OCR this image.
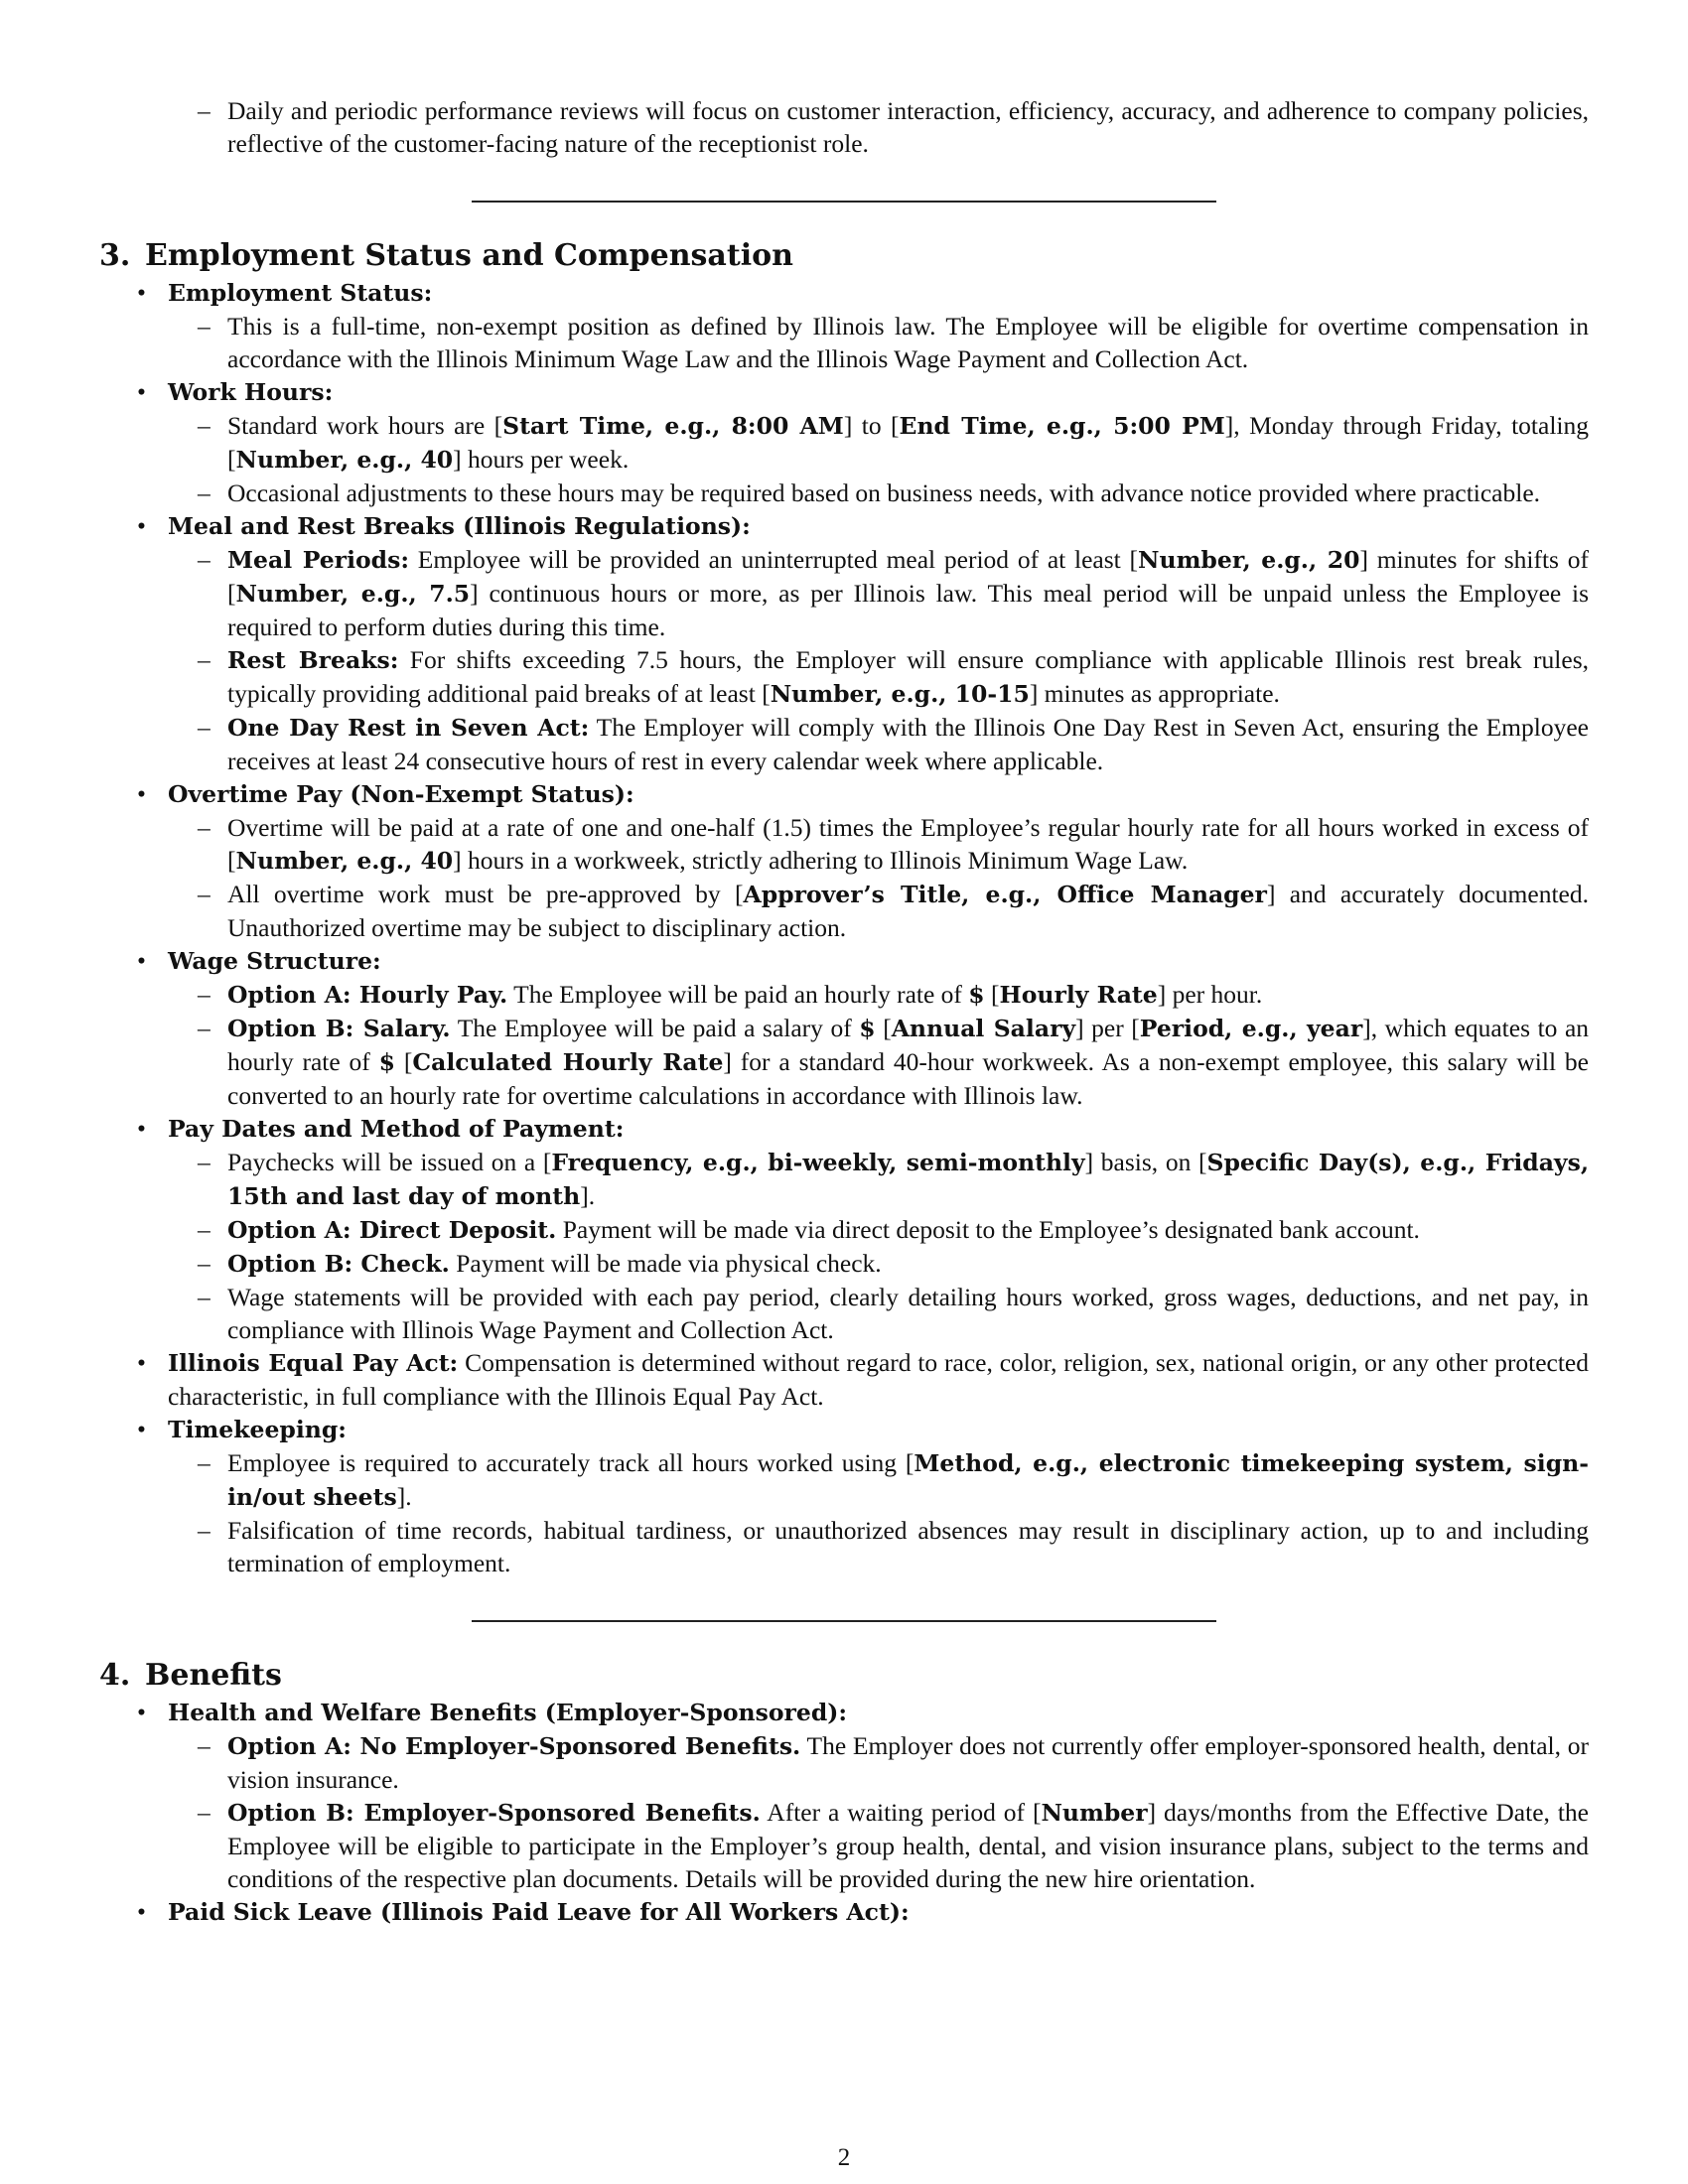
– Daily and periodic performance reviews will focus on customer interaction, efficiency, accuracy, and adherence to company policies, reflective of the customer-facing nature of the receptionist role.
3. Employment Status and Compensation
• Employment Status:
– This is a full-time, non-exempt position as defined by Illinois law. The Employee will be eligible for overtime compensation in accordance with the Illinois Minimum Wage Law and the Illinois Wage Payment and Collection Act.
• Work Hours:
– Standard work hours are [Start Time, e.g., 8:00 AM] to [End Time, e.g., 5:00 PM], Monday through Friday, totaling [Number, e.g., 40] hours per week.
– Occasional adjustments to these hours may be required based on business needs, with advance notice provided where practicable.
• Meal and Rest Breaks (Illinois Regulations):
– Meal Periods: Employee will be provided an uninterrupted meal period of at least [Number, e.g., 20] minutes for shifts of [Number, e.g., 7.5] continuous hours or more, as per Illinois law. This meal period will be unpaid unless the Employee is required to perform duties during this time.
– Rest Breaks: For shifts exceeding 7.5 hours, the Employer will ensure compliance with applicable Illinois rest break rules, typically providing additional paid breaks of at least [Number, e.g., 10-15] minutes as appropriate.
– One Day Rest in Seven Act: The Employer will comply with the Illinois One Day Rest in Seven Act, ensuring the Employee receives at least 24 consecutive hours of rest in every calendar week where applicable.
• Overtime Pay (Non-Exempt Status):
– Overtime will be paid at a rate of one and one-half (1.5) times the Employee’s regular hourly rate for all hours worked in excess of [Number, e.g., 40] hours in a workweek, strictly adhering to Illinois Minimum Wage Law.
– All overtime work must be pre-approved by [Approver’s Title, e.g., Office Manager] and accurately documented. Unauthorized overtime may be subject to disciplinary action.
• Wage Structure:
– Option A: Hourly Pay. The Employee will be paid an hourly rate of $ [Hourly Rate] per hour.
– Option B: Salary. The Employee will be paid a salary of $ [Annual Salary] per [Period, e.g., year], which equates to an hourly rate of $ [Calculated Hourly Rate] for a standard 40-hour workweek. As a non-exempt employee, this salary will be converted to an hourly rate for overtime calculations in accordance with Illinois law.
• Pay Dates and Method of Payment:
– Paychecks will be issued on a [Frequency, e.g., bi-weekly, semi-monthly] basis, on [Specific Day(s), e.g., Fridays, 15th and last day of month].
– Option A: Direct Deposit. Payment will be made via direct deposit to the Employee’s designated bank account.
– Option B: Check. Payment will be made via physical check.
– Wage statements will be provided with each pay period, clearly detailing hours worked, gross wages, deductions, and net pay, in compliance with Illinois Wage Payment and Collection Act.
• Illinois Equal Pay Act: Compensation is determined without regard to race, color, religion, sex, national origin, or any other protected characteristic, in full compliance with the Illinois Equal Pay Act.
• Timekeeping:
– Employee is required to accurately track all hours worked using [Method, e.g., electronic timekeeping system, sign-in/out sheets].
– Falsification of time records, habitual tardiness, or unauthorized absences may result in disciplinary action, up to and including termination of employment.
4. Benefits
• Health and Welfare Benefits (Employer-Sponsored):
– Option A: No Employer-Sponsored Benefits. The Employer does not currently offer employer-sponsored health, dental, or vision insurance.
– Option B: Employer-Sponsored Benefits. After a waiting period of [Number] days/months from the Effective Date, the Employee will be eligible to participate in the Employer’s group health, dental, and vision insurance plans, subject to the terms and conditions of the respective plan documents. Details will be provided during the new hire orientation.
• Paid Sick Leave (Illinois Paid Leave for All Workers Act):
2
